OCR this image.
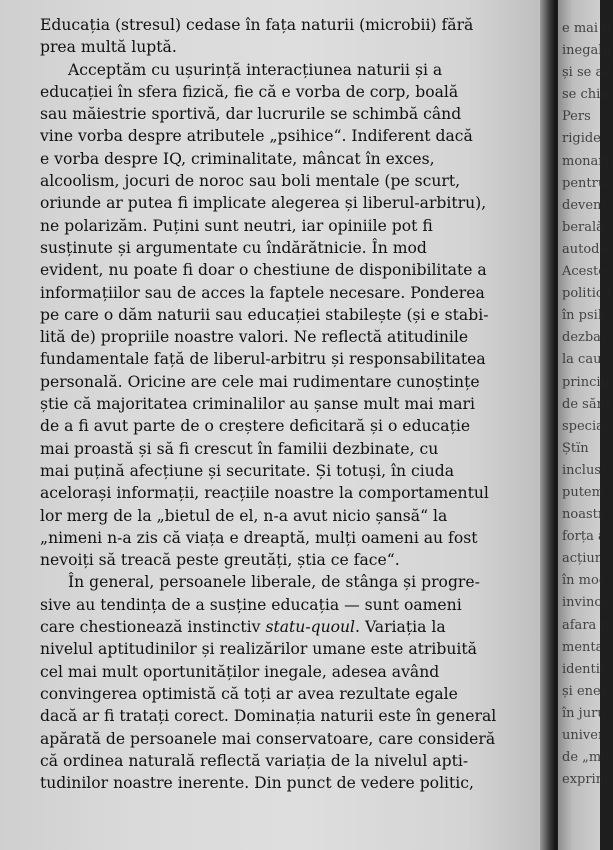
Educația (stresul) cedase în fața naturii (microbii) fără
prea multă luptă.
Acceptăm cu ușurință interacțiunea naturii și a
educației în sfera fizică, fie că e vorba de corp, boală
sau măiestrie sportivă, dar lucrurile se schimbă când
vine vorba despre atributele „psihice“. Indiferent dacă
e vorba despre IQ, criminalitate, mâncat în exces,
alcoolism, jocuri de noroc sau boli mentale (pe scurt,
oriunde ar putea fi implicate alegerea și liberul-arbitru),
ne polarizăm. Puțini sunt neutri, iar opiniile pot fi
susținute și argumentate cu îndărătnicie. În mod
evident, nu poate fi doar o chestiune de disponibilitate a
informațiilor sau de acces la faptele necesare. Ponderea
pe care o dăm naturii sau educației stabilește (și e stabi-
lită de) propriile noastre valori. Ne reflectă atitudinile
fundamentale față de liberul-arbitru și responsabilitatea
personală. Oricine are cele mai rudimentare cunoștințe
știe că majoritatea criminalilor au șanse mult mai mari
de a fi avut parte de o creștere deficitară și o educație
mai proastă și să fi crescut în familii dezbinate, cu
mai puțină afecțiune și securitate. Și totuși, în ciuda
acelorași informații, reacțiile noastre la comportamentul
lor merg de la „bietul de el, n-a avut nicio șansă“ la
„nimeni n-a zis că viața e dreaptă, mulți oameni au fost
nevoiți să treacă peste greutăți, știa ce face“.
În general, persoanele liberale, de stânga și progre-
sive au tendința de a susține educația — sunt oameni
care chestionează instinctiv statu-quoul. Variația la
nivelul aptitudinilor și realizărilor umane este atribuită
cel mai mult oportunităților inegale, adesea având
convingerea optimistă că toți ar avea rezultate egale
dacă ar fi tratați corect. Dominația naturii este în general
apărată de persoanele mai conservatoare, care consideră
că ordinea naturală reflectă variația de la nivelul apti-
tudinilor noastre inerente. Din punct de vedere politic,
e mai p
inegalit
și se ad
se chim
Pers
rigide,
monarh
pentru
deveni
berală
autode
Aceste
politica
în psih
dezbat
la cauz
princip
de sănă
special
Ștïn
inclusi
putem
noastr
forța a
acțiun
în moc
invinov
afara p
menta
identit
și ener
în juru
univer
de „mo
exprim
